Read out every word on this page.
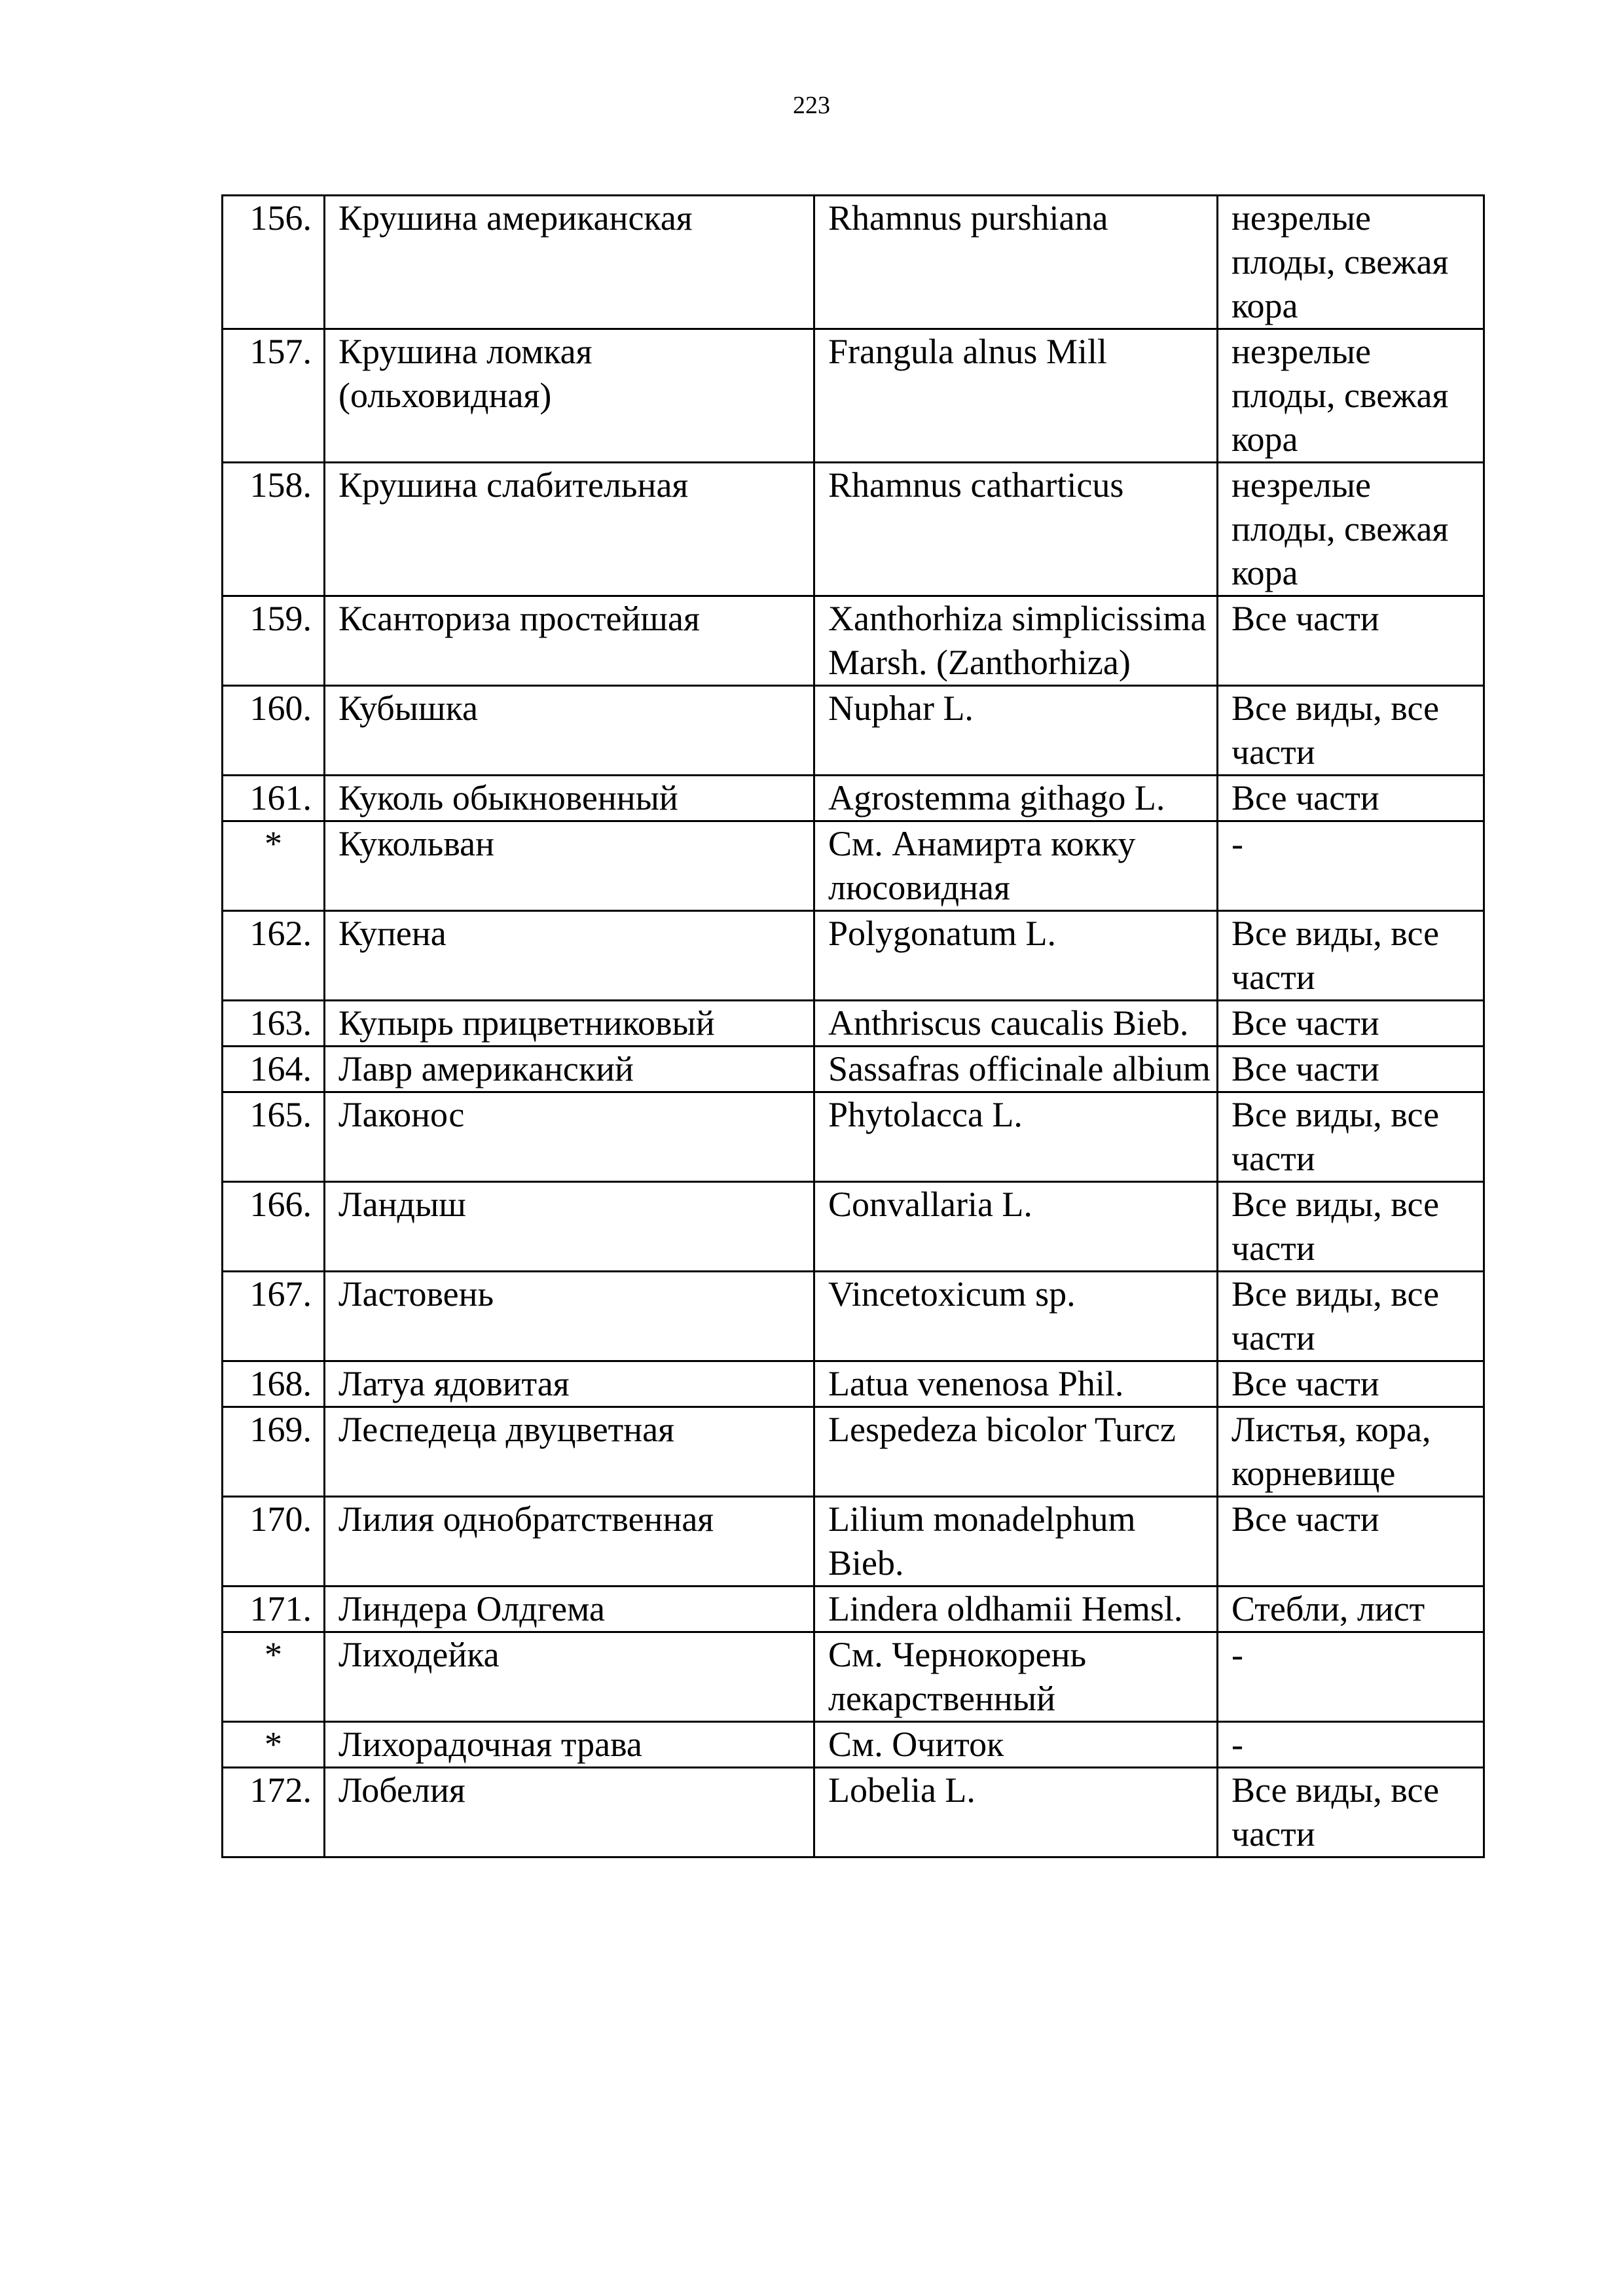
223
156.	Крушина американская	Rhamnus purshiana	незрелые плоды, свежая кора
157.	Крушина ломкая (ольховидная)	Frangula alnus Mill	незрелые плоды, свежая кора
158.	Крушина слабительная	Rhamnus catharticus	незрелые плоды, свежая кора
159.	Ксанториза простейшая	Xanthorhiza simplicissima Marsh. (Zanthorhiza)	Все части
160.	Кубышка	Nuphar L.	Все виды, все части
161.	Куколь обыкновенный	Agrostemma githago L.	Все части
*	Кукольван	См. Анамирта кокку люсовидная	-
162.	Купена	Polygonatum L.	Все виды, все части
163.	Купырь прицветниковый	Anthriscus caucalis Bieb.	Все части
164.	Лавр американский	Sassafras officinale albium	Все части
165.	Лаконос	Phytolacca L.	Все виды, все части
166.	Ландыш	Convallaria L.	Все виды, все части
167.	Ластовень	Vincetoxicum sp.	Все виды, все части
168.	Латуа ядовитая	Latua venenosa Phil.	Все части
169.	Леспедеца двуцветная	Lespedeza bicolor Turcz	Листья, кора, корневище
170.	Лилия однобратственная	Lilium monadelphum Bieb.	Все части
171.	Линдера Олдгема	Lindera oldhamii Hemsl.	Стебли, лист
*	Лиходейка	См. Чернокорень лекарственный	-
*	Лихорадочная трава	См. Очиток	-
172.	Лобелия	Lobelia L.	Все виды, все части
